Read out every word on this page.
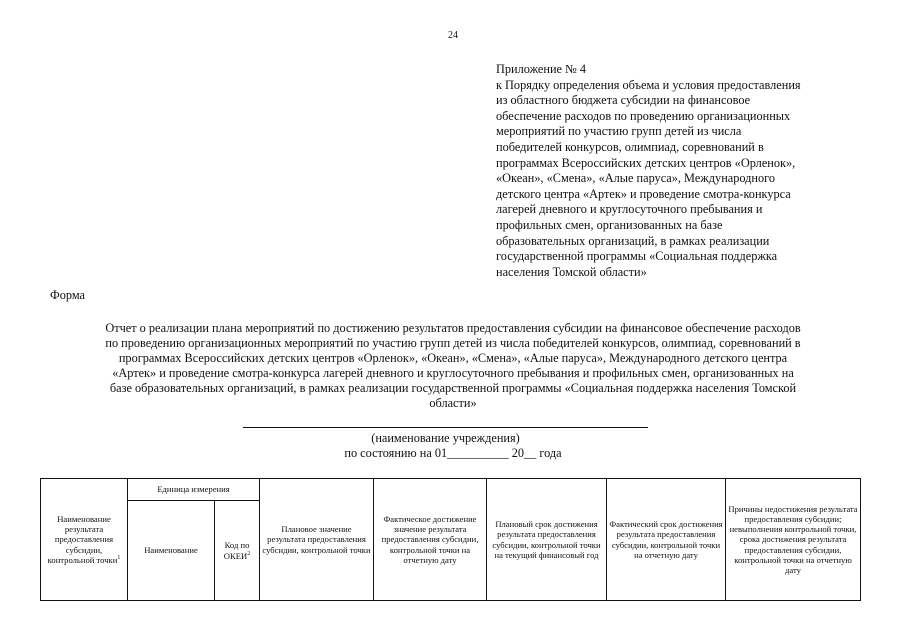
24
Приложение № 4
к Порядку определения объема и условия предоставления
из областного бюджета субсидии на финансовое
обеспечение расходов по проведению организационных
мероприятий по участию групп детей из числа
победителей конкурсов, олимпиад, соревнований в
программах Всероссийских детских центров «Орленок»,
«Океан», «Смена», «Алые паруса», Международного
детского центра «Артек» и проведение смотра-конкурса
лагерей дневного и круглосуточного пребывания и
профильных смен, организованных на базе
образовательных организаций, в рамках реализации
государственной программы «Социальная поддержка
населения Томской области»
Форма
Отчет о реализации плана мероприятий по достижению результатов предоставления субсидии на финансовое обеспечение расходов
по проведению организационных мероприятий по участию групп детей из числа победителей конкурсов, олимпиад, соревнований в
программах Всероссийских детских центров «Орленок», «Океан», «Смена», «Алые паруса», Международного детского центра
«Артек» и проведение смотра-конкурса лагерей дневного и круглосуточного пребывания и профильных смен, организованных на
базе образовательных организаций, в рамках реализации государственной программы «Социальная поддержка населения Томской
области»
(наименование учреждения)
по состоянию на 01__________ 20__ года
Наименование результата предоставления субсидии, контрольной точки$^1$	Единица измерения		Плановое значение результата предоставления субсидии, контрольной точки	Фактическое достижение значение результата предоставления субсидии, контрольной точки на отчетную дату	Плановый срок достижения результата предоставления субсидии, контрольной точки на текущий финансовый год	Фактический срок достижения результата предоставления субсидии, контрольной точки на отчетную дату	Причины недостижения результата предоставления субсидии; невыполнения контрольной точки, срока достижения результата предоставления субсидии, контрольной точки на отчетную дату
	Наименование	Код по ОКЕИ$^2$
